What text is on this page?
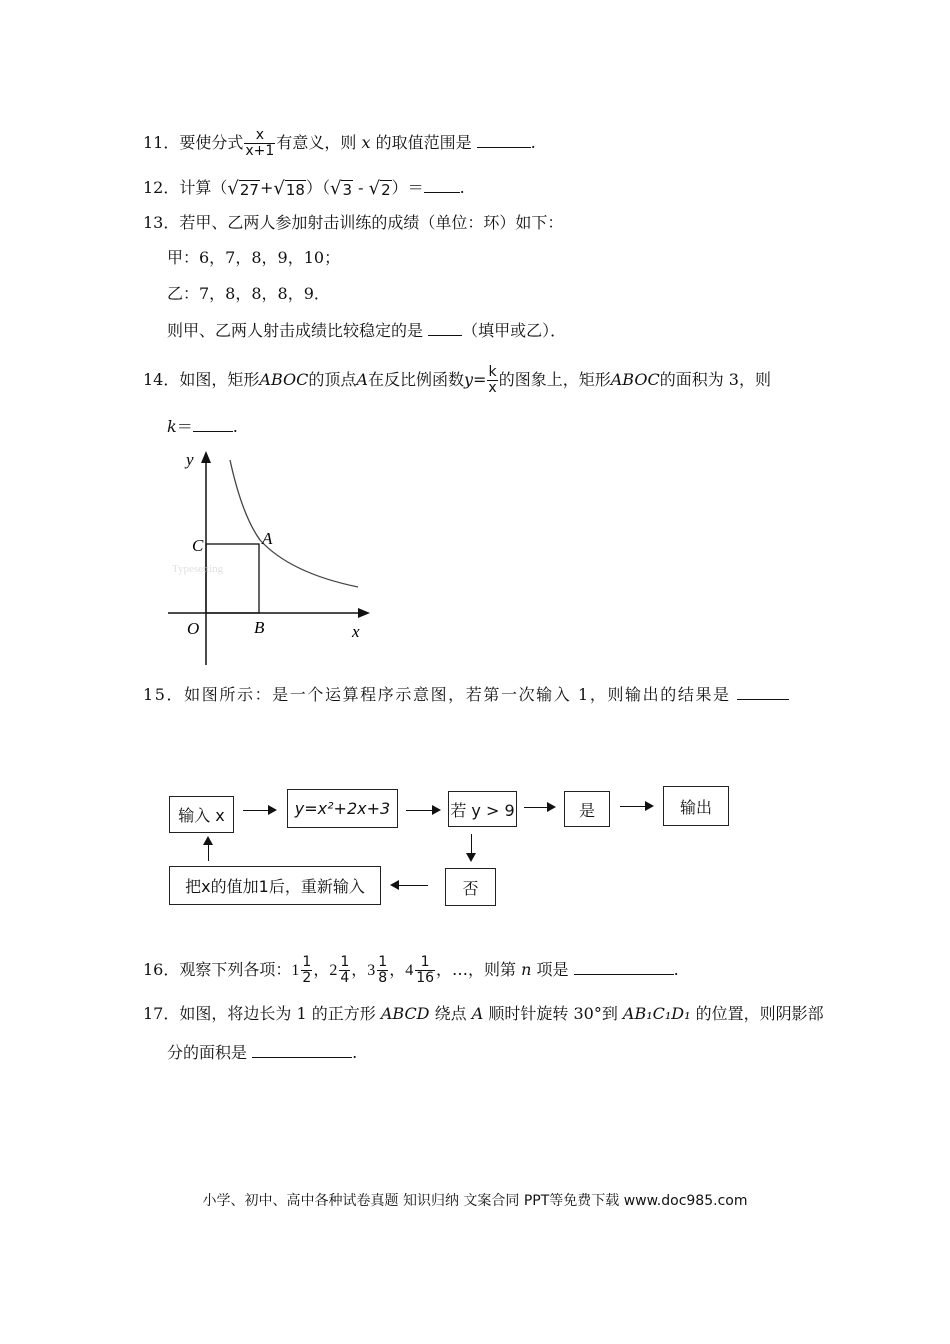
11．要使分式 $\frac{x}{x+1}$ 有意义，则 x 的取值范围是	.
12．计算（ √ 27 + √ 18 ）（ √ 3 - √ 2 ）＝ .
13．若甲、乙两人参加射击训练的成绩（单位：环）如下：
甲：6，7，8，9，10；
乙：7，8，8，8，9．
则甲、乙两人射击成绩比较稳定的是 （填甲或乙）．
14．如图，矩形ABOC的顶点A在反比例函数$y= \frac{k}{x}$ 的图象上，矩形ABOC的面积为 3，则
k＝	.
Typesetting
y
x
O
C	A
B
15．如图所示：是一个运算程序示意图，若第一次输入 1，则输出的结果是
输入 x	y=x²+2x+3	若 y > 9	是	输出
否
把x的值加1后，重新输入
16．观察下列各项： $1 \frac{1}{2}$ ， $2 \frac{1}{4}$ ， $3 \frac{1}{8}$ ， $4 \frac{1}{16}$ ，…，则第 n 项是	.
17．如图，将边长为 1 的正方形 ABCD 绕点 A 顺时针旋转 30°到 AB₁C₁D₁ 的位置，则阴影部
分的面积是	.
小学、初中、高中各种试卷真题 知识归纳 文案合同 PPT等免费下载 www.doc985.com
